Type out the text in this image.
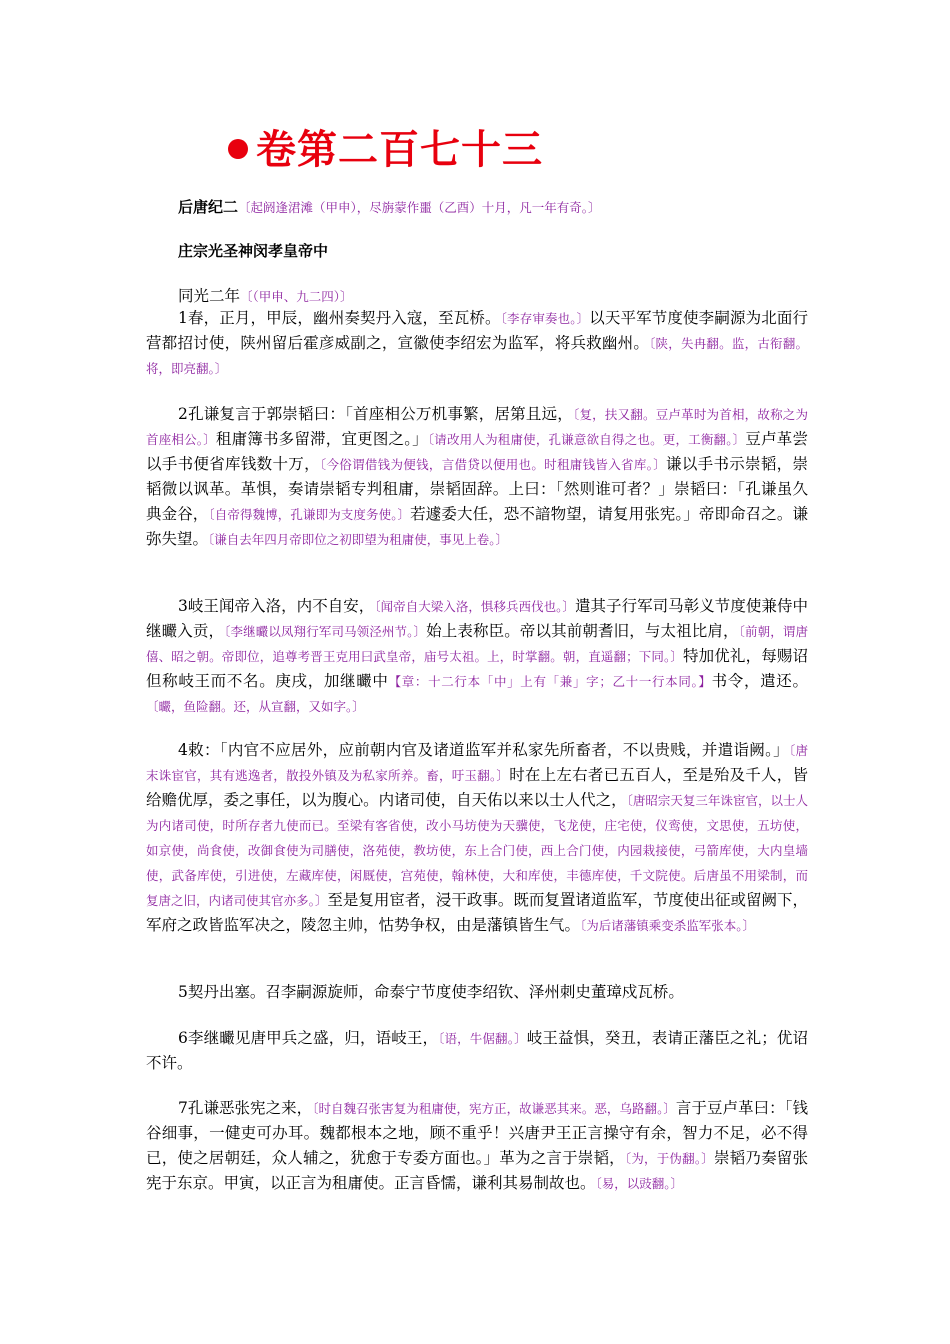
卷第二百七十三
后唐纪二〔起阏逢涒滩（甲申），尽旃蒙作噩（乙酉）十月，凡一年有奇。〕
庄宗光圣神闵孝皇帝中
同光二年〔（甲申、九二四）〕
1春，正月，甲辰，幽州奏契丹入寇，至瓦桥。〔李存审奏也。〕以天平军节度使李嗣源为北面行营都招讨使，陕州留后霍彦威副之，宣徽使李绍宏为监军，将兵救幽州。〔陕，失冉翻。监，古衔翻。将，即亮翻。〕
2孔谦复言于郭崇韬曰：「首座相公万机事繁，居第且远，〔复，扶又翻。豆卢革时为首相，故称之为首座相公。〕租庸簿书多留滞，宜更图之。」〔请改用人为租庸使，孔谦意欲自得之也。更，工衡翻。〕豆卢革尝以手书便省库钱数十万，〔今俗谓借钱为便钱，言借贷以便用也。时租庸钱皆入省库。〕谦以手书示崇韬，崇韬微以讽革。革惧，奏请崇韬专判租庸，崇韬固辞。上曰：「然则谁可者？」崇韬曰：「孔谦虽久典金谷，〔自帝得魏博，孔谦即为支度务使。〕若遽委大任，恐不諳物望，请复用张宪。」帝即命召之。谦弥失望。〔谦自去年四月帝即位之初即望为租庸使，事见上卷。〕
3岐王闻帝入洛，内不自安，〔闻帝自大梁入洛，惧移兵西伐也。〕遣其子行军司马彰义节度使兼侍中继曮入贡，〔李继曮以凤翔行军司马领泾州节。〕始上表称臣。帝以其前朝耆旧，与太祖比肩，〔前朝，谓唐僖、昭之朝。帝即位，追尊考晋王克用曰武皇帝，庙号太祖。上，时掌翻。朝，直遥翻；下同。〕特加优礼，每赐诏但称岐王而不名。庚戌，加继曮中【章：十二行本「中」上有「兼」字；乙十一行本同。】书令，遣还。〔曮，鱼险翻。还，从宣翻，又如字。〕
4敕：「内官不应居外，应前朝内官及诸道监军并私家先所畜者，不以贵贱，并遣诣阙。」〔唐末诛宦官，其有逃逸者，散投外镇及为私家所养。畜，吁玉翻。〕时在上左右者已五百人，至是殆及千人，皆给赡优厚，委之事任，以为腹心。内诸司使，自天佑以来以士人代之，〔唐昭宗天复三年诛宦官，以士人为内诸司使，时所存者九使而已。至梁有客省使，改小马坊使为天骥使，飞龙使，庄宅使，仪鸾使，文思使，五坊使，如京使，尚食使，改御食使为司膳使，洛苑使，教坊使，东上合门使，西上合门使，内园栽接使，弓箭库使，大内皇墙使，武备库使，引进使，左藏库使，闲厩使，宫苑使，翰林使，大和库使，丰德库使，千文院使。后唐虽不用梁制，而复唐之旧，内诸司使其官亦多。〕至是复用宦者，浸干政事。既而复置诸道监军，节度使出征或留阙下，军府之政皆监军决之，陵忽主帅，怙势争权，由是藩镇皆生气。〔为后诸藩镇乘变杀监军张本。〕
5契丹出塞。召李嗣源旋师，命泰宁节度使李绍钦、泽州刺史董璋戍瓦桥。
6李继曮见唐甲兵之盛，归，语岐王，〔语，牛倨翻。〕岐王益惧，癸丑，表请正藩臣之礼；优诏不许。
7孔谦恶张宪之来，〔时自魏召张害复为租庸使，宪方正，故谦恶其来。恶，乌路翻。〕言于豆卢革曰：「钱谷细事，一健吏可办耳。魏都根本之地，顾不重乎！兴唐尹王正言操守有余，智力不足，必不得已，使之居朝廷，众人辅之，犹愈于专委方面也。」革为之言于崇韬，〔为，于伪翻。〕崇韬乃奏留张宪于东京。甲寅，以正言为租庸使。正言昏懦，谦利其易制故也。〔易，以豉翻。〕
